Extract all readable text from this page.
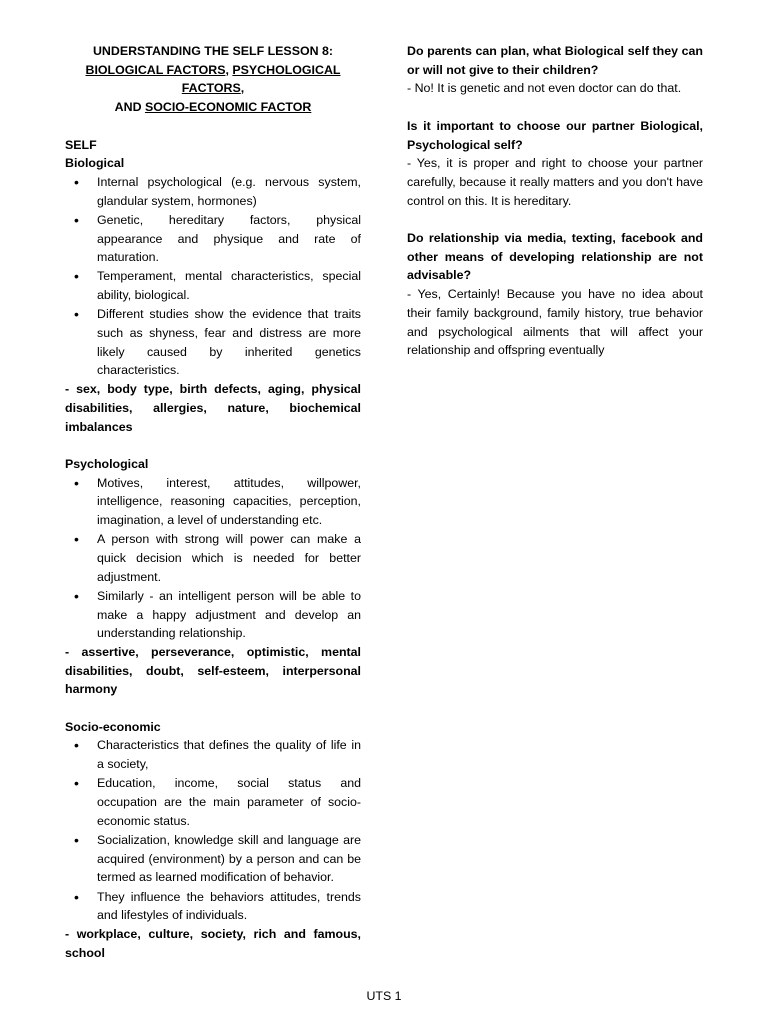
UNDERSTANDING THE SELF LESSON 8:
BIOLOGICAL FACTORS, PSYCHOLOGICAL FACTORS,
AND SOCIO-ECONOMIC FACTOR
SELF
Biological
• Internal psychological (e.g. nervous system, glandular system, hormones)
• Genetic, hereditary factors, physical appearance and physique and rate of maturation.
• Temperament, mental characteristics, special ability, biological.
• Different studies show the evidence that traits such as shyness, fear and distress are more likely caused by inherited genetics characteristics.
- sex, body type, birth defects, aging, physical disabilities, allergies, nature, biochemical imbalances
Psychological
• Motives, interest, attitudes, willpower, intelligence, reasoning capacities, perception, imagination, a level of understanding etc.
• A person with strong will power can make a quick decision which is needed for better adjustment.
• Similarly - an intelligent person will be able to make a happy adjustment and develop an understanding relationship.
- assertive, perseverance, optimistic, mental disabilities, doubt, self-esteem, interpersonal harmony
Socio-economic
• Characteristics that defines the quality of life in a society,
• Education, income, social status and occupation are the main parameter of socio-economic status.
• Socialization, knowledge skill and language are acquired (environment) by a person and can be termed as learned modification of behavior.
• They influence the behaviors attitudes, trends and lifestyles of individuals.
- workplace, culture, society, rich and famous, school
Do parents can plan, what Biological self they can or will not give to their children?
- No! It is genetic and not even doctor can do that.
Is it important to choose our partner Biological, Psychological self?
- Yes, it is proper and right to choose your partner carefully, because it really matters and you don't have control on this. It is hereditary.
Do relationship via media, texting, facebook and other means of developing relationship are not advisable?
- Yes, Certainly! Because you have no idea about their family background, family history, true behavior and psychological ailments that will affect your relationship and offspring eventually
UTS 1
